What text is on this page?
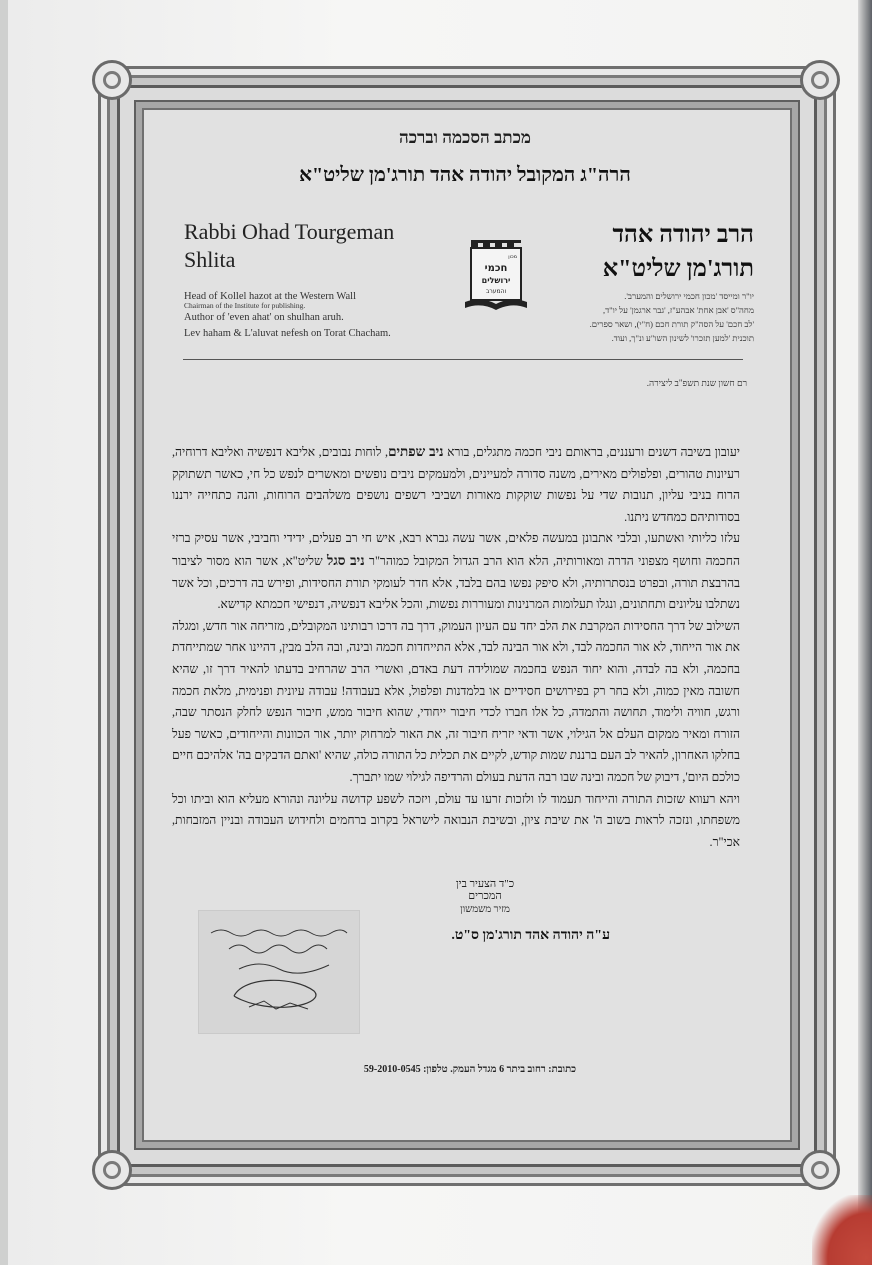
מכתב הסכמה וברכה
הרה"ג המקובל יהודה אהד תורג'מן שליט"א
הרב יהודה אהד
תורג'מן שליט"א
יו"ר ומייסד 'מכון חכמי ירושלים והמערב'.
מחה"ס 'אבן אחת' אבהע"ז, 'גבר ארגמן' על יו"ד,
'לב חכם' על הסה"ק תורת חכם (ח"י), ושאר ספרים.
תוכנית 'למען תזכרו' לשינון השו"ע ונ"ך, ועוד.
Rabbi Ohad Tourgeman
Shlita
Head of Kollel hazot at the Western Wall
Chairman of the Institute for publishing.
Author of 'even ahat' on shulhan aruh.
Lev haham & L'aluvat nefesh on Torat Chacham.
מכון
חכמי
ירושלים
והמערב
רם חשון שנת תשפ"ב ליצירה.

יעובון בשיבה דשנים ורעננים, בראותם ניבי חכמה מתגלים, בורא ניב שפתים, לוחות נבובים, אליבא דנפשיה ואליבא דרוחיה, רעיונות טהורים, ופלפולים מאירים, משנה סדורה למעיינים, ולמעמקים ניבים נופשים ומאשרים לנפש כל חי, כאשר תשתוקק הרוח בניבי עליון, תנובות שדי על נפשות שוקקות מאורות ושביבי רשפים נושפים משלהבים הרוחות, והנה כתחייה ירננו בסודותיהם כמחדש ניתנו.

עלזו כליותי ואשתעו, ובלבי אתבונן במעשה פלאים, אשר עשה גברא רבא, איש חי רב פעלים, ידידי וחביבי, אשר עסיק ברזי החכמה וחושף מצפוני הדרה ומאורותיה, הלא הוא הרב הגדול המקובל כמוהר"ר ניב סגל שליט"א, אשר הוא מסור לציבור בהרבצת תורה, ובפרט בנסתרותיה, ולא סיפק נפשו בהם בלבד, אלא חדר לעומקי תורת החסידות, ופירש בה דרכים, וכל אשר נשתלבו עליונים ותחתונים, ונגלו תעלומות המרנינות ומעוררות נפשות, והכל אליבא דנפשיה, דנפישי חכמתא קדישא.

השילוב של דרך החסידות המקרבת את הלב יחד עם העיון העמוק, דרך בה דרכו רבותינו המקובלים, מזריחה אור חדש, ומגלה את אור הייחוד, לא אור החכמה לבד, ולא אור הבינה לבד, אלא התייחדות חכמה ובינה, ובה הלב מבין, דהיינו אחר שמתייחדת בחכמה, ולא בה לבדה, והוא יחוד הנפש בחכמה שמולידה דעת באדם, ואשרי הרב שהרחיב בדעתו להאיר דרך זו, שהיא חשובה מאין כמוה, ולא בחר רק בפירושים חסידיים או בלמדנות ופלפול, אלא בעבודה! עבודה עיונית ופנימית, מלאת חכמה ורגש, חוויה ולימוד, תחושה והתמדה, כל אלו חברו לכדי חיבור ייחודי, שהוא חיבור ממש, חיבור הנפש לחלק הנסתר שבה, הזורח ומאיר ממקום העלם אל הגילוי, אשר ודאי יזריח חיבור זה, את האור למרחוק יותר, אור הכוונות והייחודים, כאשר פעל בחלקו האחרון, להאיר לב העם ברננת שמות קודש, לקיים את תכלית כל התורה כולה, שהיא 'ואתם הדבקים בה' אלהיכם חיים כולכם היום', דיבוק של חכמה ובינה שבו רבה הדעת בעולם והרדיפה לגילוי שמו יתברך.

ויהא רעווא שזכות התורה והייחוד תעמוד לו ולזכות זרעו עד עולם, ויזכה לשפע קדושה עליונה ונהורא מעליא הוא וביתו וכל משפחתו, ונזכה לראות בשוב ה' את שיבת ציון, ובשיבת הנבואה לישראל בקרוב ברחמים ולחידוש העבודה ובניין המזבחות, אכי"ר.

כ"ד הצעיר בין המכרים
מזיר משמשון
ע"ה יהודה אהד תורג'מן ס"ט.
כתובת: רחוב ביתר 6 מגדל העמק. טלפון: 59-2010-0545
